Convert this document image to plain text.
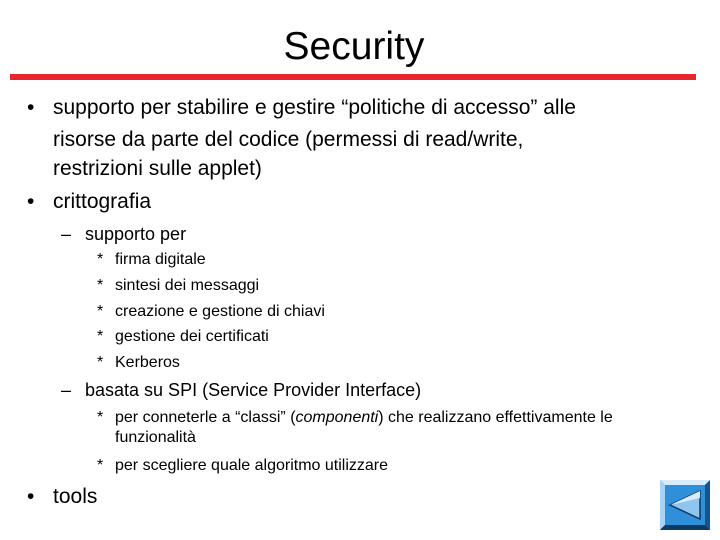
Security
• supporto per stabilire e gestire “politiche di accesso” alle
risorse da parte del codice (permessi di read/write,
restrizioni sulle applet)
• crittografia
– supporto per
* firma digitale
* sintesi dei messaggi
* creazione e gestione di chiavi
* gestione dei certificati
* Kerberos
– basata su SPI (Service Provider Interface)
* per conneterle a “classi” (componenti) che realizzano effettivamente le
funzionalità
* per scegliere quale algoritmo utilizzare
• tools
